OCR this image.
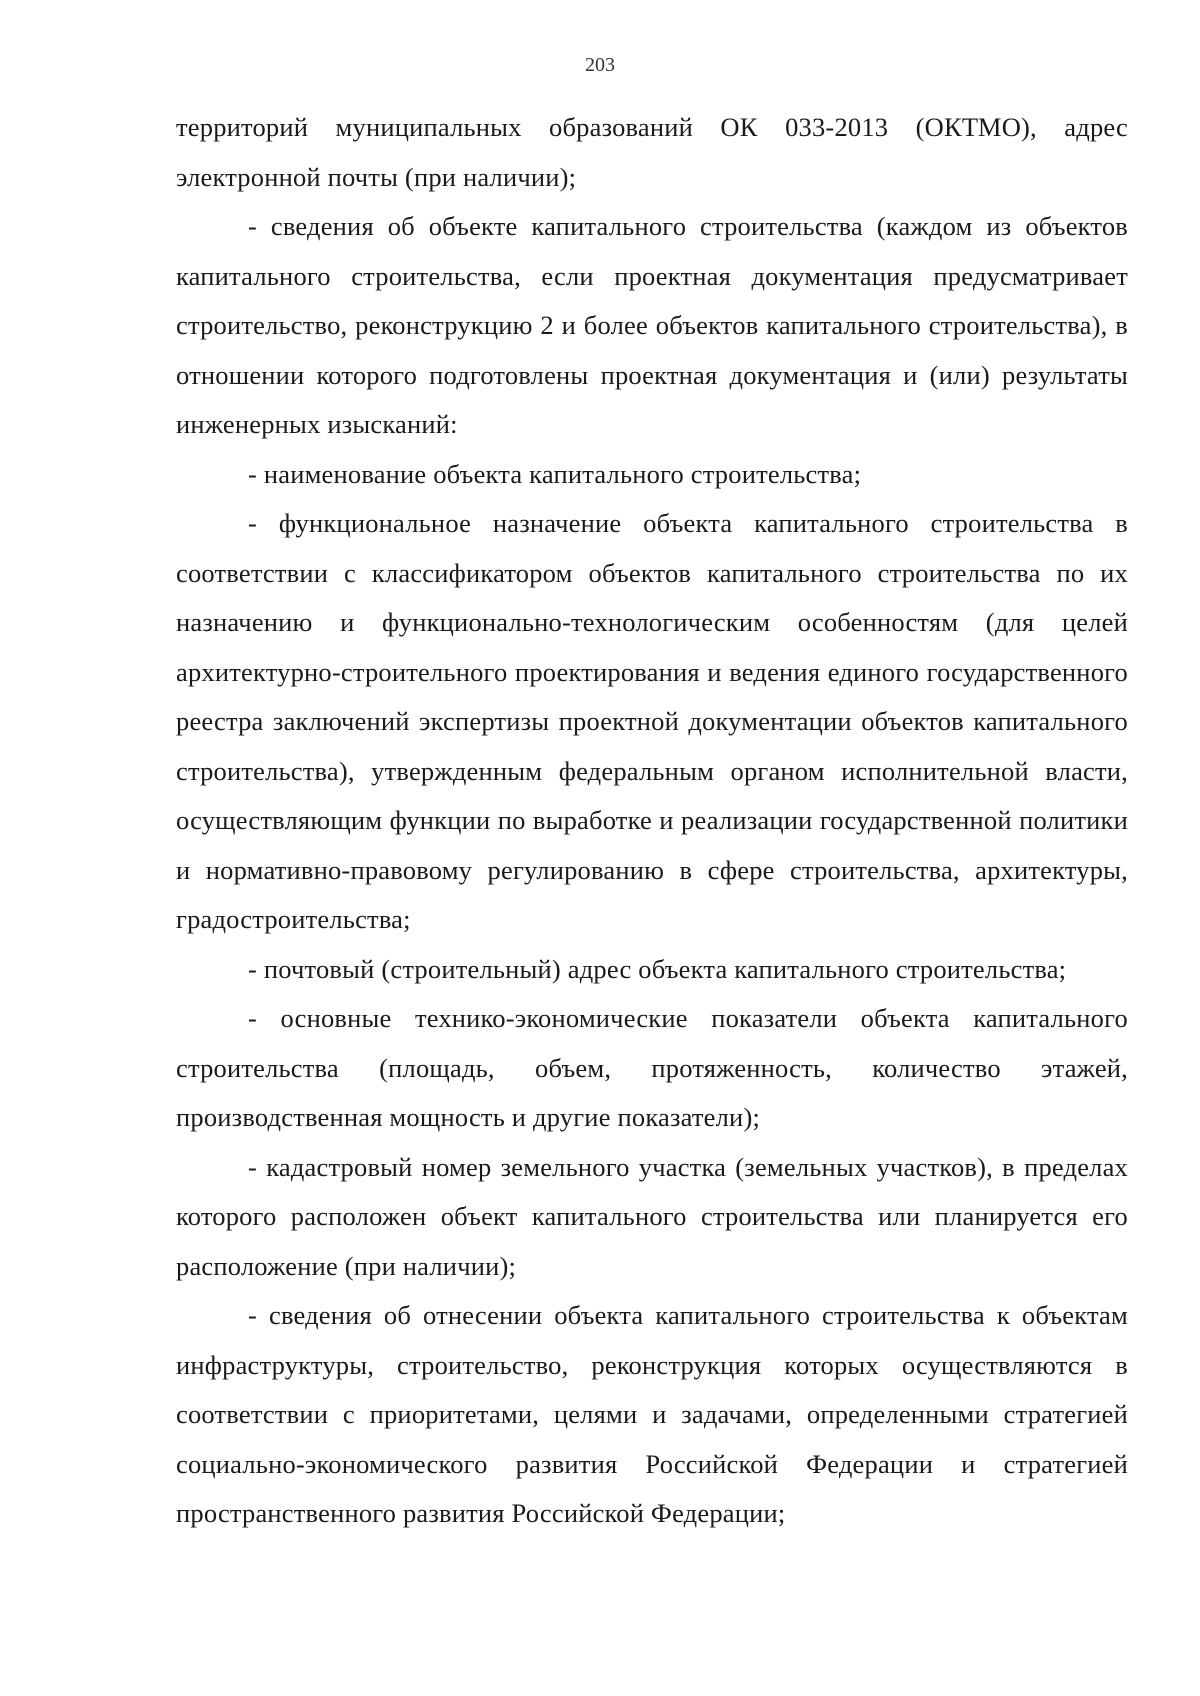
203

территорий муниципальных образований ОК 033-2013 (ОКТМО), адрес электронной почты (при наличии);

- сведения об объекте капитального строительства (каждом из объектов капитального строительства, если проектная документация предусматривает строительство, реконструкцию 2 и более объектов капитального строительства), в отношении которого подготовлены проектная документация и (или) результаты инженерных изысканий:

- наименование объекта капитального строительства;

- функциональное назначение объекта капитального строительства в соответствии с классификатором объектов капитального строительства по их назначению и функционально-технологическим особенностям (для целей архитектурно-строительного проектирования и ведения единого государственного реестра заключений экспертизы проектной документации объектов капитального строительства), утвержденным федеральным органом исполнительной власти, осуществляющим функции по выработке и реализации государственной политики и нормативно-правовому регулированию в сфере строительства, архитектуры, градостроительства;

- почтовый (строительный) адрес объекта капитального строительства;

- основные технико-экономические показатели объекта капитального строительства (площадь, объем, протяженность, количество этажей, производственная мощность и другие показатели);

- кадастровый номер земельного участка (земельных участков), в пределах которого расположен объект капитального строительства или планируется его расположение (при наличии);

- сведения об отнесении объекта капитального строительства к объектам инфраструктуры, строительство, реконструкция которых осуществляются в соответствии с приоритетами, целями и задачами, определенными стратегией социально-экономического развития Российской Федерации и стратегией пространственного развития Российской Федерации;
